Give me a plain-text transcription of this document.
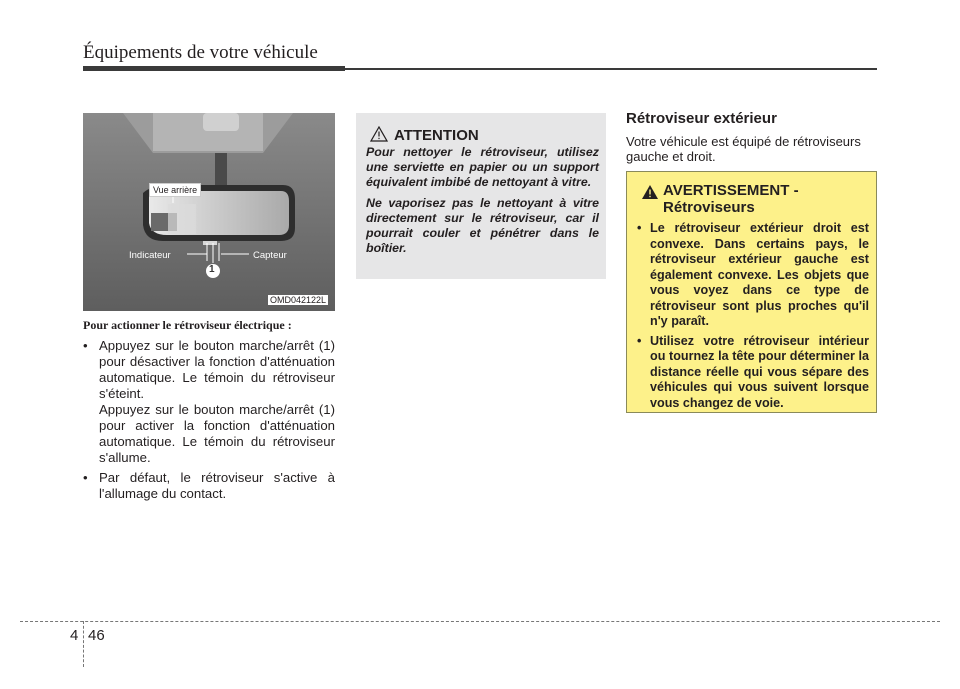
Équipements de votre véhicule
Vue arrière
Indicateur	Capteur
1
OMD042122L
Pour actionner le rétroviseur électrique :
• Appuyez sur le bouton marche/arrêt (1) pour désactiver la fonction d'atténuation automatique. Le témoin du rétroviseur s'éteint.

Appuyez sur le bouton marche/arrêt (1) pour activer la fonction d'atténuation automatique. Le témoin du rétroviseur s'allume.

• Par défaut, le rétroviseur s'active à l'allumage du contact.
ATTENTION

Pour nettoyer le rétroviseur, utilisez une serviette en papier ou un support équivalent imbibé de nettoyant à vitre.

Ne vaporisez pas le nettoyant à vitre directement sur le rétroviseur, car il pourrait couler et pénétrer dans le boîtier.

Rétroviseur extérieur

Votre véhicule est équipé de rétroviseurs gauche et droit.

AVERTISSEMENT -
Rétroviseurs
• Le rétroviseur extérieur droit est convexe. Dans certains pays, le rétroviseur extérieur gauche est également convexe. Les objets que vous voyez dans ce type de rétroviseur sont plus proches qu'il n'y paraît.
• Utilisez votre rétroviseur intérieur ou tournez la tête pour déterminer la distance réelle qui vous sépare des véhicules qui vous suivent lorsque vous changez de voie.
4 46
